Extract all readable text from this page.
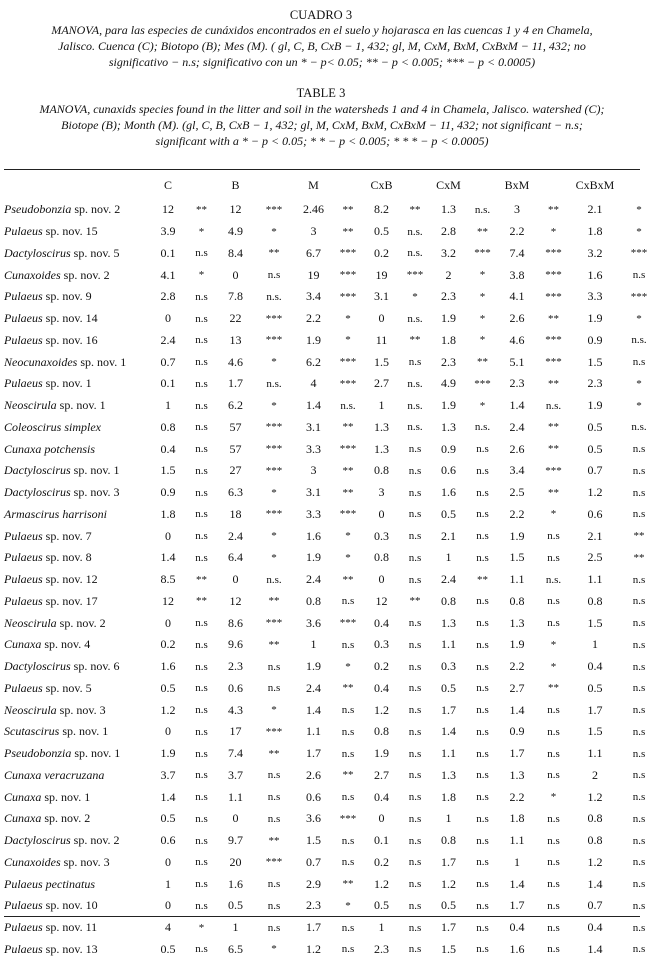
CUADRO 3
MANOVA, para las especies de cunáxidos encontrados en el suelo y hojarasca en las cuencas 1 y 4 en Chamela,
Jalisco. Cuenca (C); Biotopo (B); Mes (M). ( gl, C, B, CxB − 1, 432; gl, M, CxM, BxM, CxBxM − 11, 432; no
significativo − n.s; significativo con un * − p< 0.05; ** − p < 0.005; *** − p < 0.0005)
TABLE 3
MANOVA, cunaxids species found in the litter and soil in the watersheds 1 and 4 in Chamela, Jalisco. watershed (C);
Biotope (B); Month (M). (gl, C, B, CxB − 1, 432; gl, M, CxM, BxM, CxBxM − 11, 432; not significant − n.s;
significant with a * − p < 0.05; * * − p < 0.005; * * * − p < 0.0005)
	C		B		M		CxB		CxM		BxM		CxBxM	
Pseudobonzia sp. nov. 2	12	**	12	***	2.46	**	8.2	**	1.3	n.s.	3	**	2.1	*
Pulaeus sp. nov. 15	3.9	*	4.9	*	3	**	0.5	n.s.	2.8	**	2.2	*	1.8	*
Dactyloscirus sp. nov. 5	0.1	n.s	8.4	**	6.7	***	0.2	n.s.	3.2	***	7.4	***	3.2	***
Cunaxoides sp. nov. 2	4.1	*	0	n.s	19	***	19	***	2	*	3.8	***	1.6	n.s
Pulaeus sp. nov. 9	2.8	n.s	7.8	n.s.	3.4	***	3.1	*	2.3	*	4.1	***	3.3	***
Pulaeus sp. nov. 14	0	n.s	22	***	2.2	*	0	n.s.	1.9	*	2.6	**	1.9	*
Pulaeus sp. nov. 16	2.4	n.s	13	***	1.9	*	11	**	1.8	*	4.6	***	0.9	n.s.
Neocunaxoides sp. nov. 1	0.7	n.s	4.6	*	6.2	***	1.5	n.s	2.3	**	5.1	***	1.5	n.s
Pulaeus sp. nov. 1	0.1	n.s	1.7	n.s.	4	***	2.7	n.s.	4.9	***	2.3	**	2.3	*
Neoscirula sp. nov. 1	1	n.s	6.2	*	1.4	n.s.	1	n.s.	1.9	*	1.4	n.s.	1.9	*
Coleoscirus simplex	0.8	n.s	57	***	3.1	**	1.3	n.s.	1.3	n.s.	2.4	**	0.5	n.s.
Cunaxa potchensis	0.4	n.s	57	***	3.3	***	1.3	n.s	0.9	n.s	2.6	**	0.5	n.s
Dactyloscirus sp. nov. 1	1.5	n.s	27	***	3	**	0.8	n.s	0.6	n.s	3.4	***	0.7	n.s
Dactyloscirus sp. nov. 3	0.9	n.s	6.3	*	3.1	**	3	n.s	1.6	n.s	2.5	**	1.2	n.s
Armascirus harrisoni	1.8	n.s	18	***	3.3	***	0	n.s	0.5	n.s	2.2	*	0.6	n.s
Pulaeus sp. nov. 7	0	n.s	2.4	*	1.6	*	0.3	n.s	2.1	n.s	1.9	n.s	2.1	**
Pulaeus sp. nov. 8	1.4	n.s	6.4	*	1.9	*	0.8	n.s	1	n.s	1.5	n.s	2.5	**
Pulaeus sp. nov. 12	8.5	**	0	n.s.	2.4	**	0	n.s	2.4	**	1.1	n.s.	1.1	n.s
Pulaeus sp. nov. 17	12	**	12	**	0.8	n.s	12	**	0.8	n.s	0.8	n.s	0.8	n.s
Neoscirula sp. nov. 2	0	n.s	8.6	***	3.6	***	0.4	n.s	1.3	n.s	1.3	n.s	1.5	n.s
Cunaxa sp. nov. 4	0.2	n.s	9.6	**	1	n.s	0.3	n.s	1.1	n.s	1.9	*	1	n.s
Dactyloscirus sp. nov. 6	1.6	n.s	2.3	n.s	1.9	*	0.2	n.s	0.3	n.s	2.2	*	0.4	n.s
Pulaeus sp. nov. 5	0.5	n.s	0.6	n.s	2.4	**	0.4	n.s	0.5	n.s	2.7	**	0.5	n.s
Neoscirula sp. nov. 3	1.2	n.s	4.3	*	1.4	n.s	1.2	n.s	1.7	n.s	1.4	n.s	1.7	n.s
Scutascirus sp. nov. 1	0	n.s	17	***	1.1	n.s	0.8	n.s	1.4	n.s	0.9	n.s	1.5	n.s
Pseudobonzia sp. nov. 1	1.9	n.s	7.4	**	1.7	n.s	1.9	n.s	1.1	n.s	1.7	n.s	1.1	n.s
Cunaxa veracruzana	3.7	n.s	3.7	n.s	2.6	**	2.7	n.s	1.3	n.s	1.3	n.s	2	n.s
Cunaxa sp. nov. 1	1.4	n.s	1.1	n.s	0.6	n.s	0.4	n.s	1.8	n.s	2.2	*	1.2	n.s
Cunaxa sp. nov. 2	0.5	n.s	0	n.s	3.6	***	0	n.s	1	n.s	1.8	n.s	0.8	n.s
Dactyloscirus sp. nov. 2	0.6	n.s	9.7	**	1.5	n.s	0.1	n.s	0.8	n.s	1.1	n.s	0.8	n.s
Cunaxoides sp. nov. 3	0	n.s	20	***	0.7	n.s	0.2	n.s	1.7	n.s	1	n.s	1.2	n.s
Pulaeus pectinatus	1	n.s	1.6	n.s	2.9	**	1.2	n.s	1.2	n.s	1.4	n.s	1.4	n.s
Pulaeus sp. nov. 10	0	n.s	0.5	n.s	2.3	*	0.5	n.s	0.5	n.s	1.7	n.s	0.7	n.s
Pulaeus sp. nov. 11	4	*	1	n.s	1.7	n.s	1	n.s	1.7	n.s	0.4	n.s	0.4	n.s
Pulaeus sp. nov. 13	0.5	n.s	6.5	*	1.2	n.s	2.3	n.s	1.5	n.s	1.6	n.s	1.4	n.s
